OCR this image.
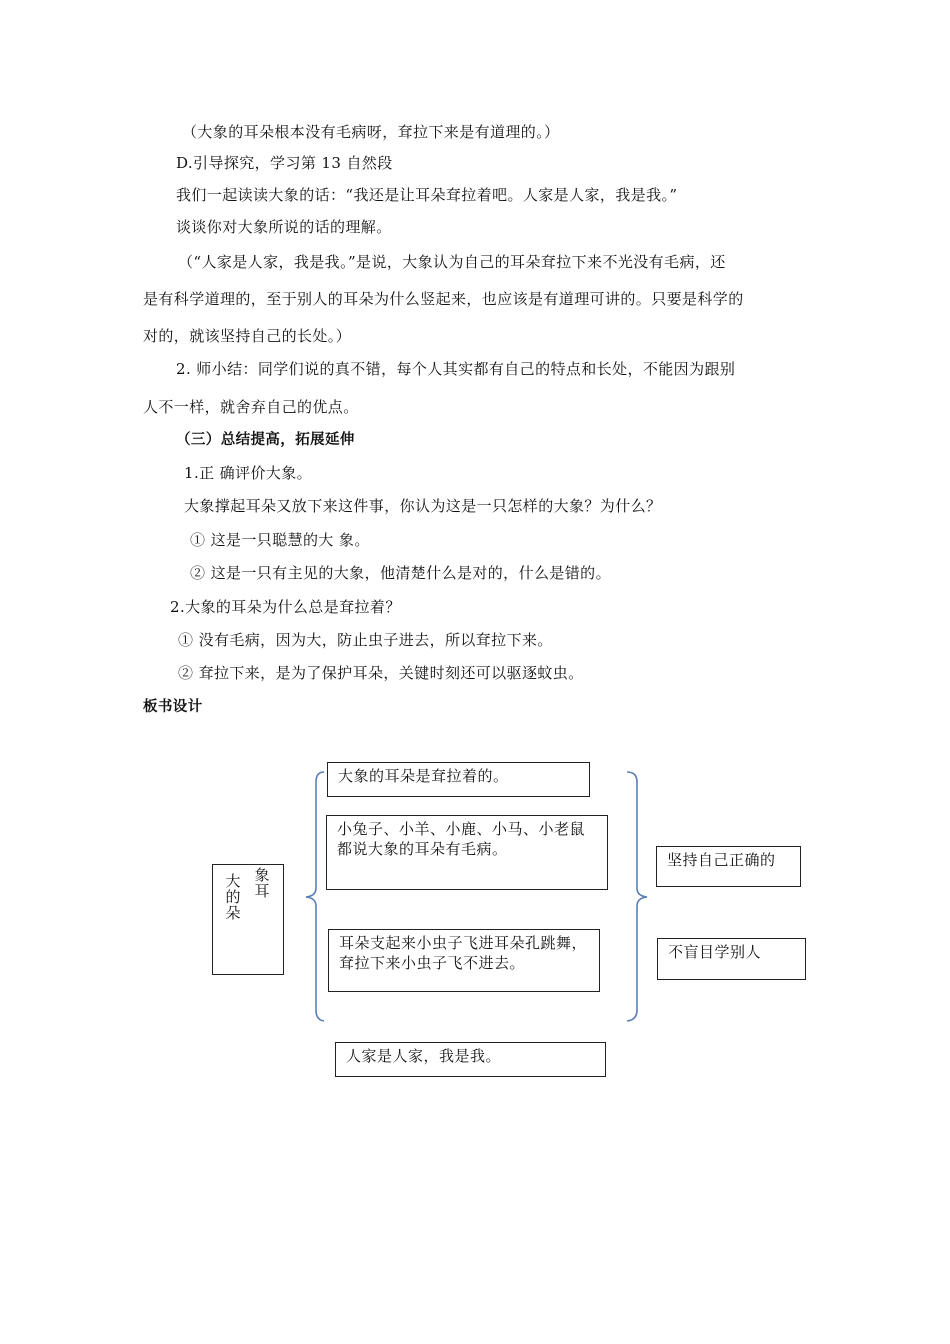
（大象的耳朵根本没有毛病呀，耷拉下来是有道理的。）
D.引导探究，学习第 13 自然段
我们一起读读大象的话：“我还是让耳朵耷拉着吧。人家是人家，我是我。”
谈谈你对大象所说的话的理解。
（“人家是人家，我是我。”是说，大象认为自己的耳朵耷拉下来不光没有毛病，还
是有科学道理的，至于别人的耳朵为什么竖起来，也应该是有道理可讲的。只要是科学的
对的，就该坚持自己的长处。）
2. 师小结：同学们说的真不错，每个人其实都有自己的特点和长处，不能因为跟别
人不一样，就舍弃自己的优点。
（三）总结提高，拓展延伸
1.正 确评价大象。
大象撑起耳朵又放下来这件事，你认为这是一只怎样的大象？为什么？
① 这是一只聪慧的大 象。
② 这是一只有主见的大象，他清楚什么是对的，什么是错的。
2.大象的耳朵为什么总是耷拉着？
① 没有毛病，因为大，防止虫子进去，所以耷拉下来。
② 耷拉下来，是为了保护耳朵，关键时刻还可以驱逐蚊虫。
板书设计
大
的
朵
象
耳
大象的耳朵是耷拉着的。
小兔子、小羊、小鹿、小马、小老鼠都说大象的耳朵有毛病。
耳朵支起来小虫子飞进耳朵孔跳舞，耷拉下来小虫子飞不进去。
人家是人家，我是我。
坚持自己正确的
不盲目学别人
